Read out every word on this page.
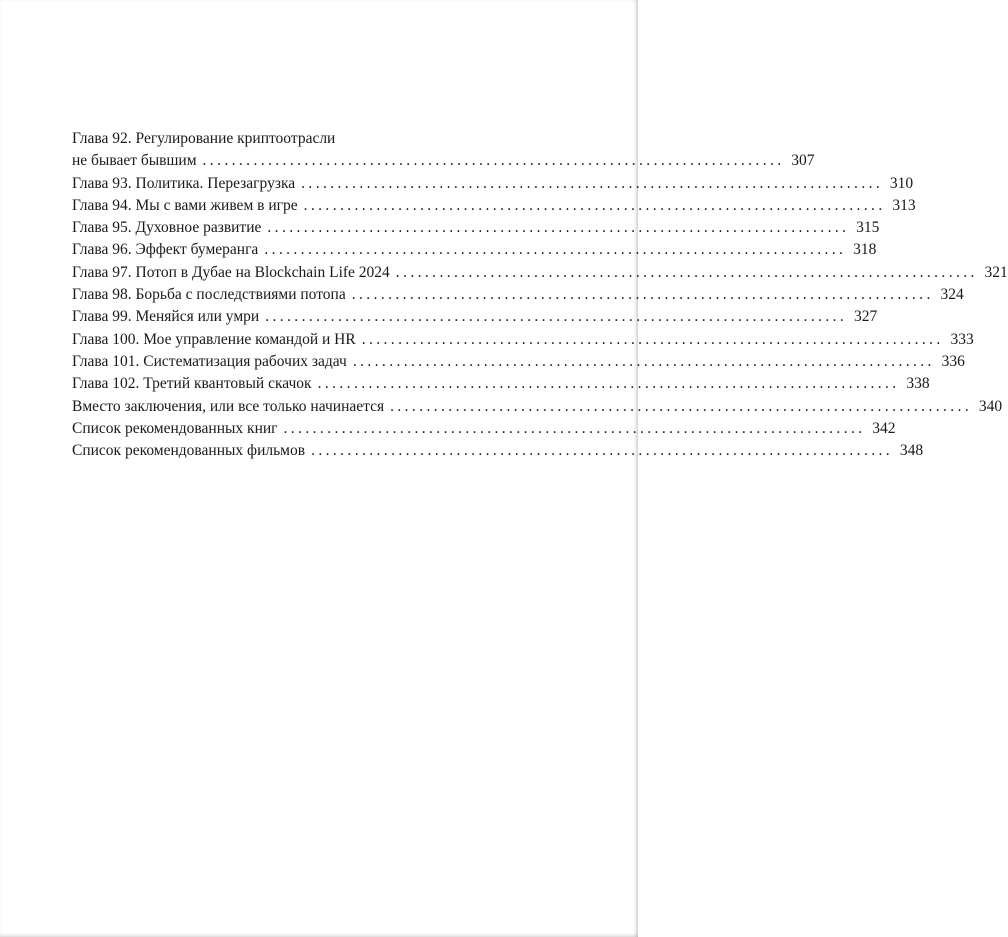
Глава 92. Регулирование криптоотрасли
не бывает бывшим ................................................................................ 307
Глава 93. Политика. Перезагрузка ................................................................................ 310
Глава 94. Мы с вами живем в игре ................................................................................ 313
Глава 95. Духовное развитие ................................................................................ 315
Глава 96. Эффект бумеранга ................................................................................ 318
Глава 97. Потоп в Дубае на Blockchain Life 2024 ................................................................................ 321
Глава 98. Борьба с последствиями потопа ................................................................................ 324
Глава 99. Меняйся или умри ................................................................................ 327
Глава 100. Мое управление командой и HR ................................................................................ 333
Глава 101. Систематизация рабочих задач ................................................................................ 336
Глава 102. Третий квантовый скачок ................................................................................ 338
Вместо заключения, или все только начинается ................................................................................ 340
Список рекомендованных книг ................................................................................ 342
Список рекомендованных фильмов ................................................................................ 348
